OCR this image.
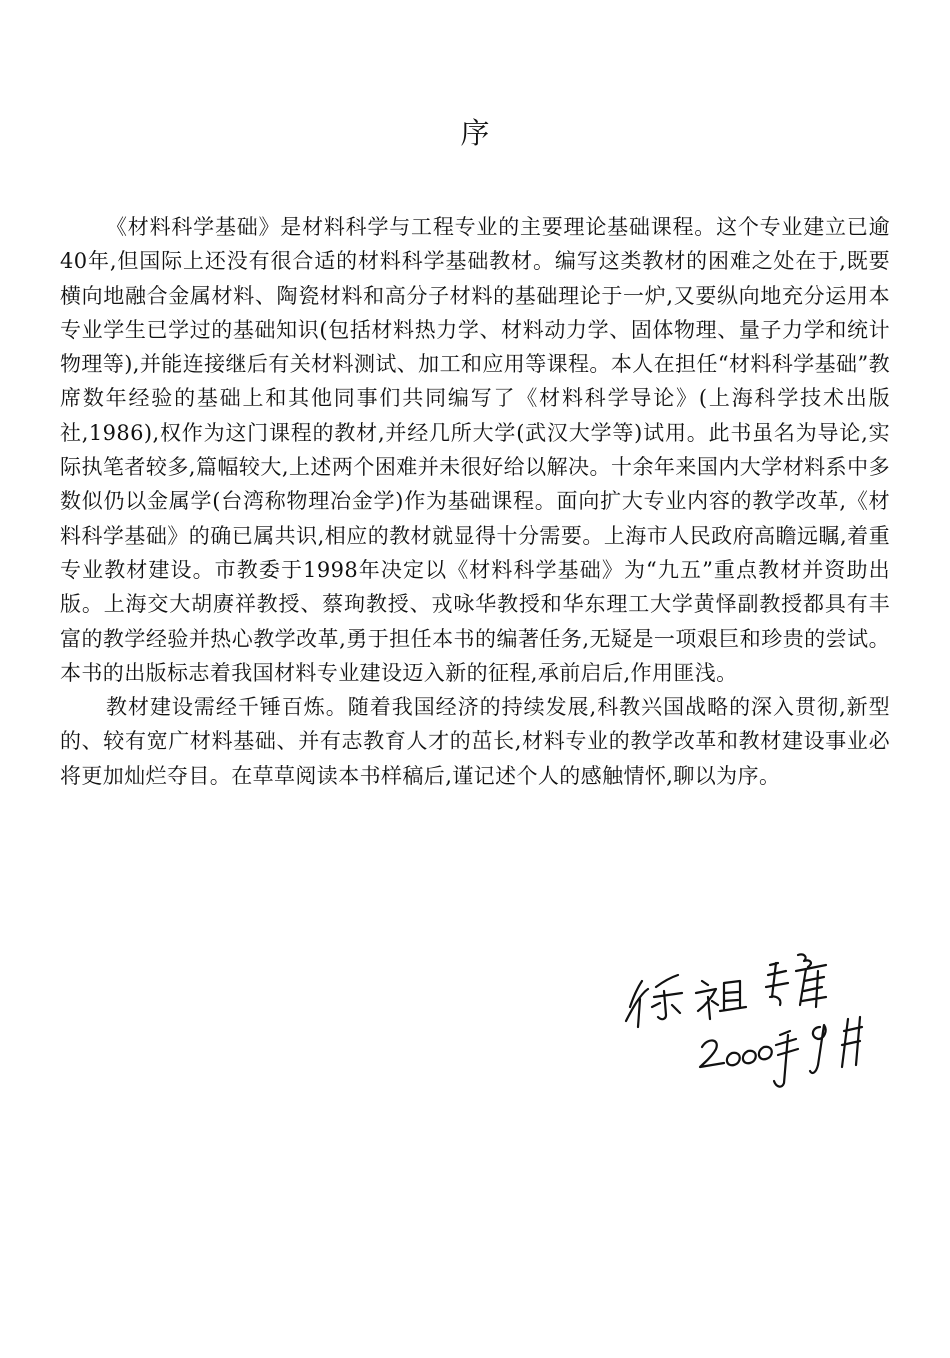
序

《材料科学基础》是材料科学与工程专业的主要理论基础课程。这个专业建立已逾40年,但国际上还没有很合适的材料科学基础教材。编写这类教材的困难之处在于,既要横向地融合金属材料、陶瓷材料和高分子材料的基础理论于一炉,又要纵向地充分运用本专业学生已学过的基础知识(包括材料热力学、材料动力学、固体物理、量子力学和统计物理等),并能连接继后有关材料测试、加工和应用等课程。本人在担任“材料科学基础”教席数年经验的基础上和其他同事们共同编写了《材料科学导论》(上海科学技术出版社,1986),权作为这门课程的教材,并经几所大学(武汉大学等)试用。此书虽名为导论,实际执笔者较多,篇幅较大,上述两个困难并未很好给以解决。十余年来国内大学材料系中多数似仍以金属学(台湾称物理冶金学)作为基础课程。面向扩大专业内容的教学改革,《材料科学基础》的确已属共识,相应的教材就显得十分需要。上海市人民政府高瞻远瞩,着重专业教材建设。市教委于1998年决定以《材料科学基础》为“九五”重点教材并资助出版。上海交大胡赓祥教授、蔡珣教授、戎咏华教授和华东理工大学黄怿副教授都具有丰富的教学经验并热心教学改革,勇于担任本书的编著任务,无疑是一项艰巨和珍贵的尝试。本书的出版标志着我国材料专业建设迈入新的征程,承前启后,作用匪浅。

教材建设需经千锤百炼。随着我国经济的持续发展,科教兴国战略的深入贯彻,新型的、较有宽广材料基础、并有志教育人才的茁长,材料专业的教学改革和教材建设事业必将更加灿烂夺目。在草草阅读本书样稿后,谨记述个人的感触情怀,聊以为序。
